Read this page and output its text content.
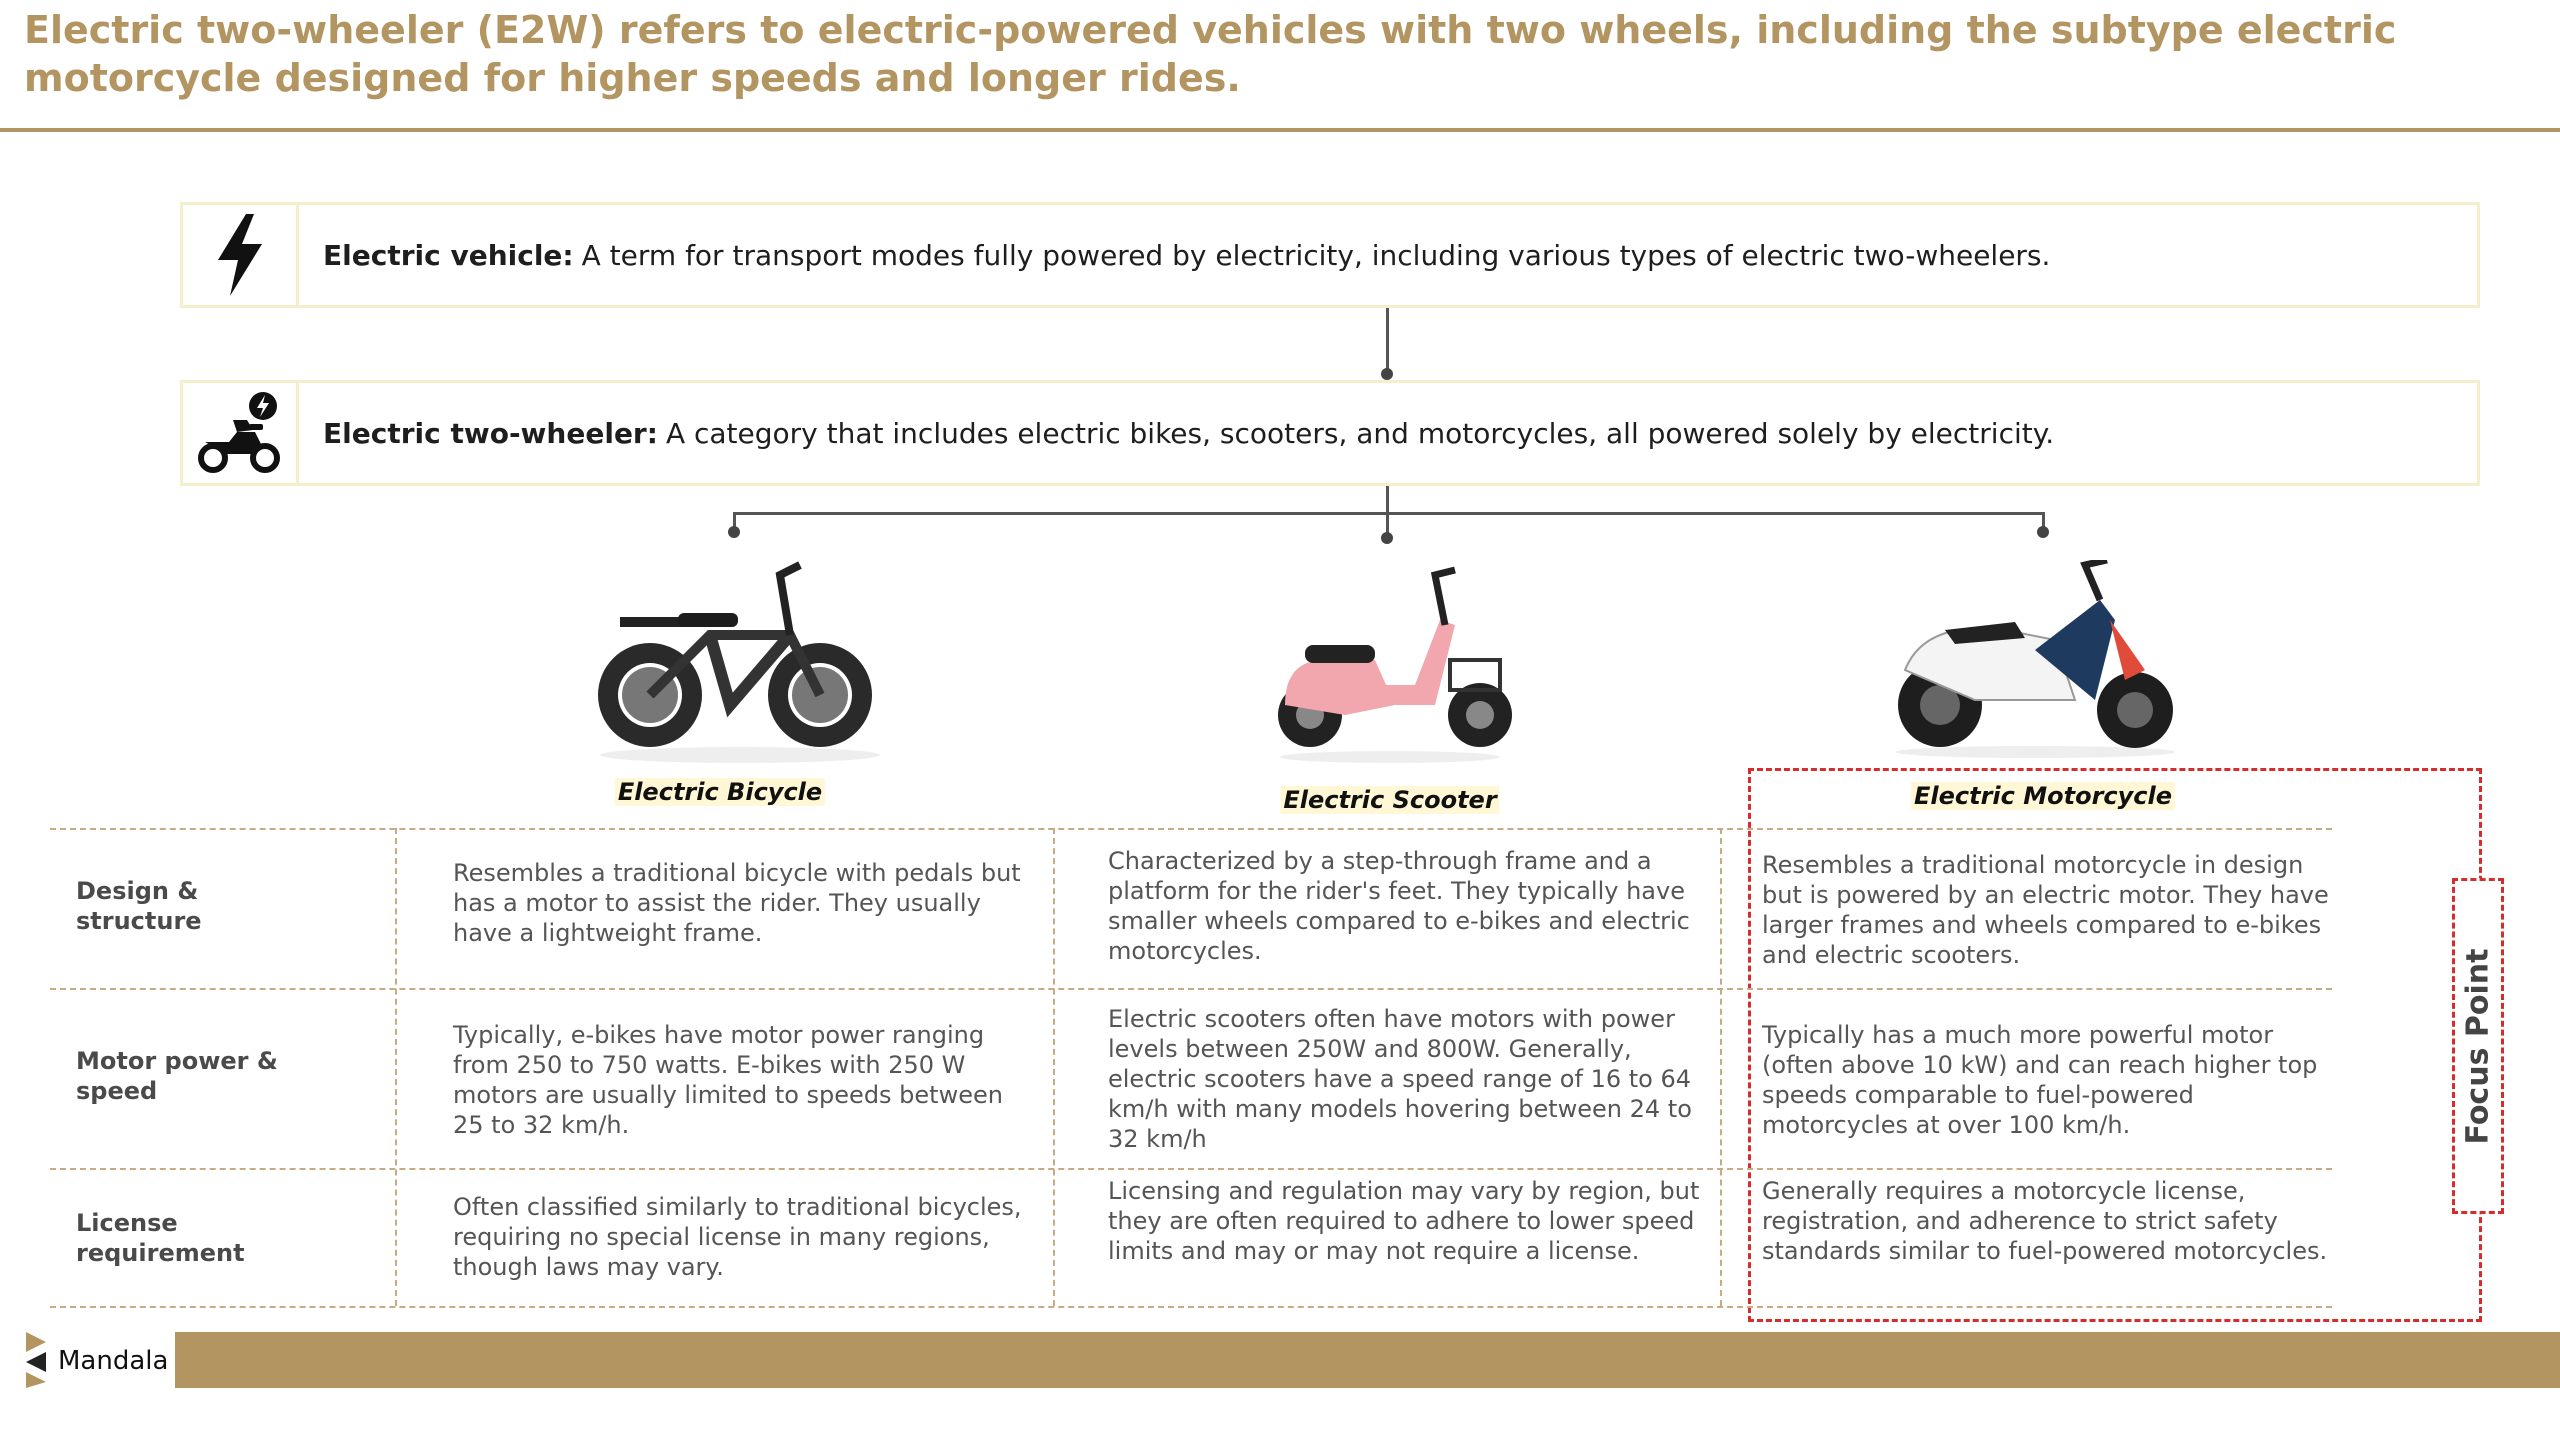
Electric two-wheeler (E2W) refers to electric-powered vehicles with two wheels, including the subtype electric motorcycle designed for higher speeds and longer rides.
Electric vehicle: A term for transport modes fully powered by electricity, including various types of electric two-wheelers.
Electric two-wheeler: A category that includes electric bikes, scooters, and motorcycles, all powered solely by electricity.
Electric Bicycle	Electric Scooter	Electric Motorcycle
Focus Point
Design & structure
Motor power & speed
License requirement
Resembles a traditional bicycle with pedals but has a motor to assist the rider. They usually have a lightweight frame.
Characterized by a step-through frame and a platform for the rider's feet. They typically have smaller wheels compared to e-bikes and electric motorcycles.
Resembles a traditional motorcycle in design but is powered by an electric motor. They have larger frames and wheels compared to e-bikes and electric scooters.
Typically, e-bikes have motor power ranging from 250 to 750 watts. E-bikes with 250 W motors are usually limited to speeds between 25 to 32 km/h.
Electric scooters often have motors with power levels between 250W and 800W. Generally, electric scooters have a speed range of 16 to 64 km/h with many models hovering between 24 to 32 km/h
Typically has a much more powerful motor (often above 10 kW) and can reach higher top speeds comparable to fuel-powered motorcycles at over 100 km/h.
Often classified similarly to traditional bicycles, requiring no special license in many regions, though laws may vary.
Licensing and regulation may vary by region, but they are often required to adhere to lower speed limits and may or may not require a license.
Generally requires a motorcycle license, registration, and adherence to strict safety standards similar to fuel-powered motorcycles.
Mandala
